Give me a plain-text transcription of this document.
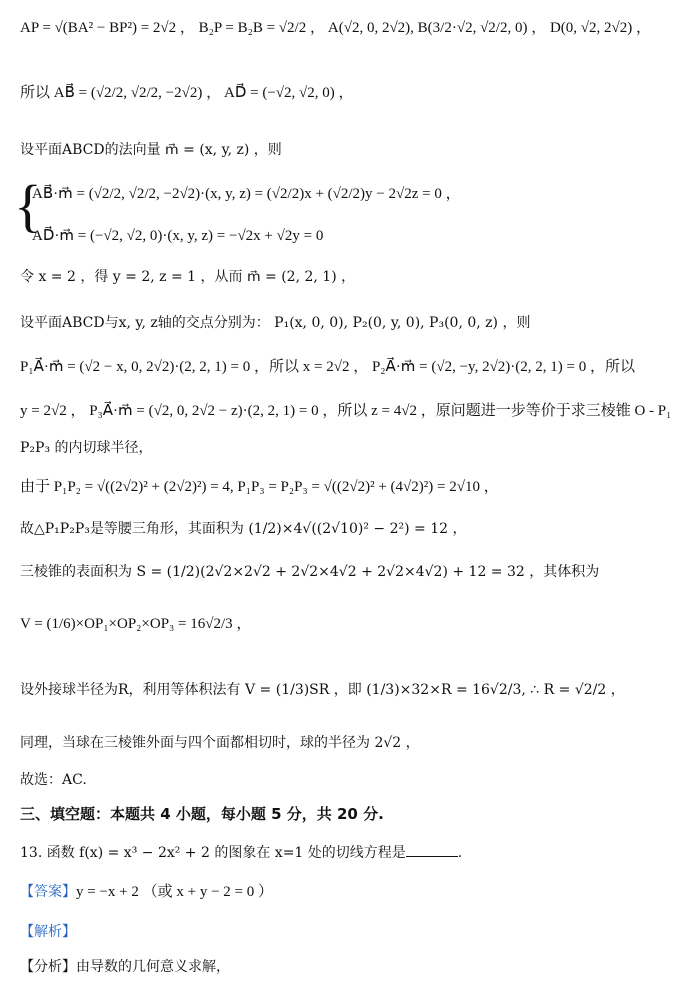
AP = √(BA² − BP²) = 2√2 ， B₂P = B₂B = √2/2 ， A(√2, 0, 2√2), B(3/2·√2, √2/2, 0) ， D(0, √2, 2√2) ，
所以 AB⃗ = (√2/2, √2/2, −2√2) ， AD⃗ = (−√2, √2, 0) ，
设平面ABCD的法向量 m⃗ = (x, y, z) ，则
{
AB⃗·m⃗ = (√2/2, √2/2, −2√2)·(x, y, z) = (√2/2)x + (√2/2)y − 2√2z = 0 ，
AD⃗·m⃗ = (−√2, √2, 0)·(x, y, z) = −√2x + √2y = 0
令 x = 2 ，得 y = 2, z = 1 ，从而 m⃗ = (2, 2, 1) ，
设平面ABCD与x, y, z轴的交点分别为： P₁(x, 0, 0), P₂(0, y, 0), P₃(0, 0, z) ，则
P₁A⃗·m⃗ = (√2 − x, 0, 2√2)·(2, 2, 1) = 0 ，所以 x = 2√2 ， P₂A⃗·m⃗ = (√2, −y, 2√2)·(2, 2, 1) = 0 ，所以
y = 2√2 ， P₃A⃗·m⃗ = (√2, 0, 2√2 − z)·(2, 2, 1) = 0 ，所以 z = 4√2 ，原问题进一步等价于求三棱锥 O - P₁
P₂P₃ 的内切球半径，
由于 P₁P₂ = √((2√2)² + (2√2)²) = 4, P₁P₃ = P₂P₃ = √((2√2)² + (4√2)²) = 2√10 ，
故△P₁P₂P₃是等腰三角形，其面积为 (1/2)×4√((2√10)² − 2²) = 12 ，
三棱锥的表面积为 S = (1/2)(2√2×2√2 + 2√2×4√2 + 2√2×4√2) + 12 = 32 ，其体积为
V = (1/6)×OP₁×OP₂×OP₃ = 16√2/3 ，
设外接球半径为R，利用等体积法有 V = (1/3)SR ，即 (1/3)×32×R = 16√2/3, ∴ R = √2/2 ，
同理，当球在三棱锥外面与四个面都相切时，球的半径为 2√2 ，
故选：AC.
三、填空题：本题共 4 小题，每小题 5 分，共 20 分.
13. 函数 f(x) = x³ − 2x² + 2 的图象在 x=1 处的切线方程是	.
【答案】y = −x + 2 （或 x + y − 2 = 0 ）
【解析】
【分析】由导数的几何意义求解，
